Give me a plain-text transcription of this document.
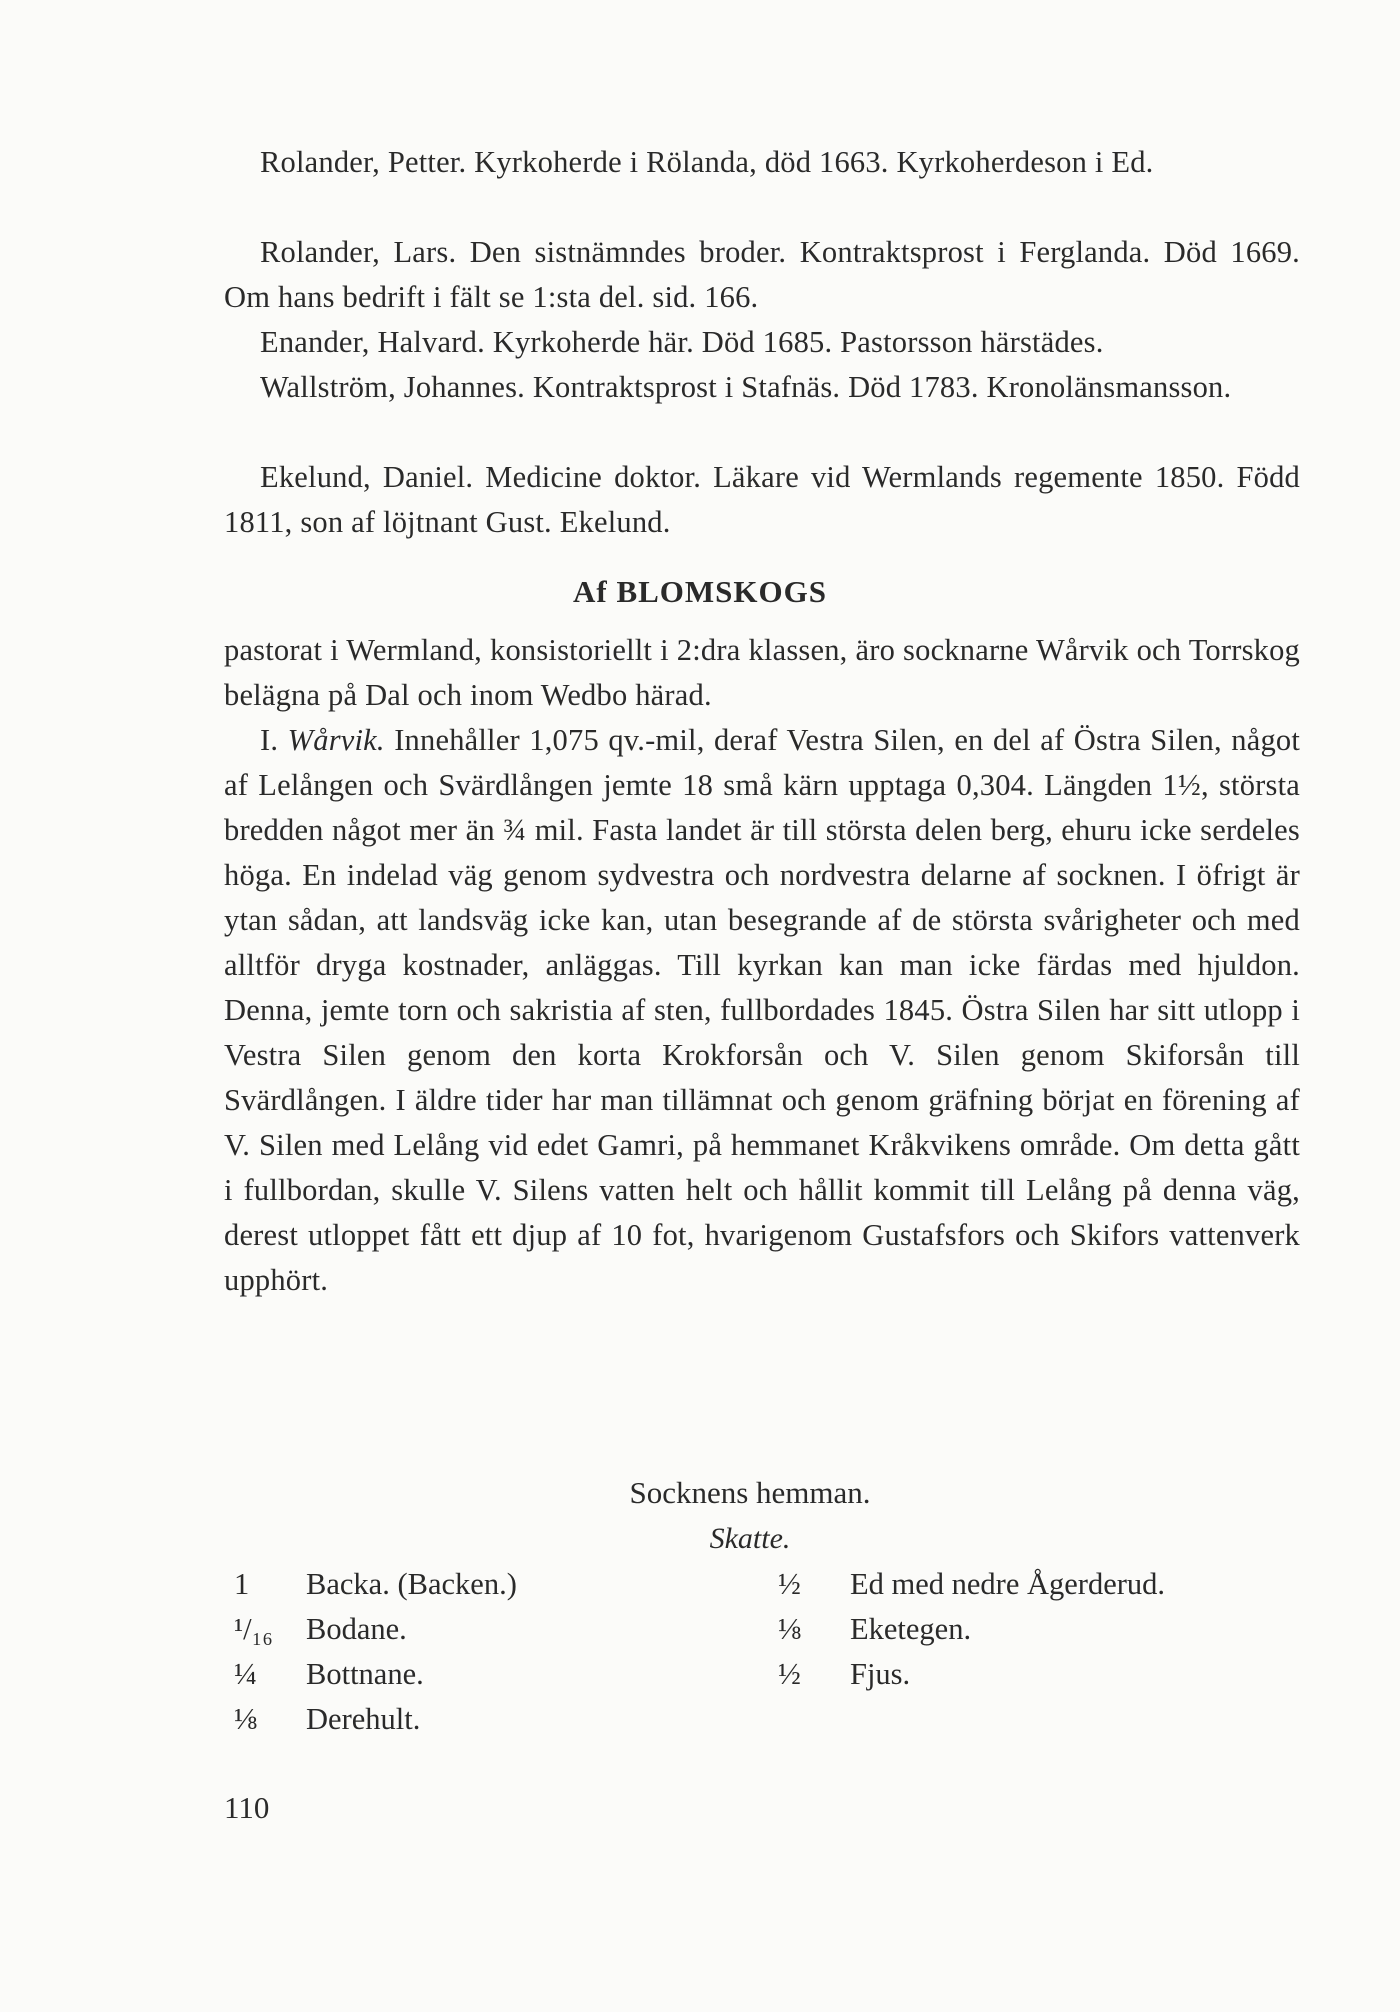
Rolander, Petter. Kyrkoherde i Rölanda, död 1663. Kyrkoherdeson i Ed.

Rolander, Lars. Den sistnämndes broder. Kontraktsprost i Ferglanda. Död 1669. Om hans bedrift i fält se 1:sta del. sid. 166.

Enander, Halvard. Kyrkoherde här. Död 1685. Pastorsson härstädes.

Wallström, Johannes. Kontraktsprost i Stafnäs. Död 1783. Kronolänsmansson.

Ekelund, Daniel. Medicine doktor. Läkare vid Wermlands regemente 1850. Född 1811, son af löjtnant Gust. Ekelund.

Af BLOMSKOGS

pastorat i Wermland, konsistoriellt i 2:dra klassen, äro socknarne Wårvik och Torrskog belägna på Dal och inom Wedbo härad.

I. Wårvik. Innehåller 1,075 qv.-mil, deraf Vestra Silen, en del af Östra Silen, något af Lelången och Svärdlången jemte 18 små kärn upptaga 0,304. Längden 1½, största bredden något mer än ¾ mil. Fasta landet är till största delen berg, ehuru icke serdeles höga. En indelad väg genom sydvestra och nordvestra delarne af socknen. I öfrigt är ytan sådan, att landsväg icke kan, utan besegrande af de största svårigheter och med alltför dryga kostnader, anläggas. Till kyrkan kan man icke färdas med hjuldon. Denna, jemte torn och sakristia af sten, fullbordades 1845. Östra Silen har sitt utlopp i Vestra Silen genom den korta Krokforsån och V. Silen genom Skiforsån till Svärdlången. I äldre tider har man tillämnat och genom gräfning börjat en förening af V. Silen med Lelång vid edet Gamri, på hemmanet Kråkvikens område. Om detta gått i fullbordan, skulle V. Silens vatten helt och hållit kommit till Lelång på denna väg, derest utloppet fått ett djup af 10 fot, hvarigenom Gustafsfors och Skifors vattenverk upphört.

Socknens hemman.

Skatte.

1	Backa. (Backen.)
¹/₁₆	Bodane.
¼	Bottnane.
⅛	Derehult.
½	Ed med nedre Ågerderud.
⅛	Eketegen.
½	Fjus.

110
